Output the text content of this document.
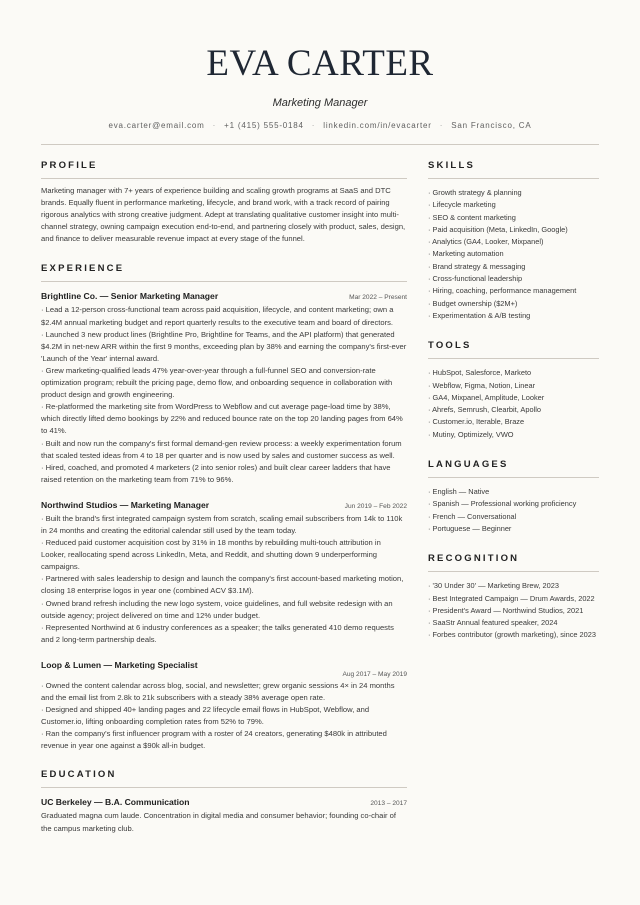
EVA CARTER
Marketing Manager
eva.carter@email.com · +1 (415) 555-0184 · linkedin.com/in/evacarter · San Francisco, CA
PROFILE

Marketing manager with 7+ years of experience building and scaling growth programs at SaaS and DTC brands. Equally fluent in performance marketing, lifecycle, and brand work, with a track record of pairing rigorous analytics with strong creative judgment. Adept at translating qualitative customer insight into multi-channel strategy, owning campaign execution end-to-end, and partnering closely with product, sales, design, and finance to deliver measurable revenue impact at every stage of the funnel.

EXPERIENCE
Brightline Co. — Senior Marketing Manager	Mar 2022 – Present
· Lead a 12-person cross-functional team across paid acquisition, lifecycle, and content marketing; own a $2.4M annual marketing budget and report quarterly results to the executive team and board of directors.
· Launched 3 new product lines (Brightline Pro, Brightline for Teams, and the API platform) that generated $4.2M in net-new ARR within the first 9 months, exceeding plan by 38% and earning the company's first-ever 'Launch of the Year' internal award.
· Grew marketing-qualified leads 47% year-over-year through a full-funnel SEO and conversion-rate optimization program; rebuilt the pricing page, demo flow, and onboarding sequence in collaboration with product design and growth engineering.
· Re-platformed the marketing site from WordPress to Webflow and cut average page-load time by 38%, which directly lifted demo bookings by 22% and reduced bounce rate on the top 20 landing pages from 64% to 41%.
· Built and now run the company's first formal demand-gen review process: a weekly experimentation forum that scaled tested ideas from 4 to 18 per quarter and is now used by sales and customer success as well.
· Hired, coached, and promoted 4 marketers (2 into senior roles) and built clear career ladders that have raised retention on the marketing team from 71% to 96%.
Northwind Studios — Marketing Manager	Jun 2019 – Feb 2022
· Built the brand's first integrated campaign system from scratch, scaling email subscribers from 14k to 110k in 24 months and creating the editorial calendar still used by the team today.
· Reduced paid customer acquisition cost by 31% in 18 months by rebuilding multi-touch attribution in Looker, reallocating spend across LinkedIn, Meta, and Reddit, and shutting down 9 underperforming campaigns.
· Partnered with sales leadership to design and launch the company's first account-based marketing motion, closing 18 enterprise logos in year one (combined ACV $3.1M).
· Owned brand refresh including the new logo system, voice guidelines, and full website redesign with an outside agency; project delivered on time and 12% under budget.
· Represented Northwind at 6 industry conferences as a speaker; the talks generated 410 demo requests and 2 long-term partnership deals.
Loop & Lumen — Marketing Specialist
Aug 2017 – May 2019
· Owned the content calendar across blog, social, and newsletter; grew organic sessions 4× in 24 months and the email list from 2.8k to 21k subscribers with a steady 38% average open rate.
· Designed and shipped 40+ landing pages and 22 lifecycle email flows in HubSpot, Webflow, and Customer.io, lifting onboarding completion rates from 52% to 79%.
· Ran the company's first influencer program with a roster of 24 creators, generating $480k in attributed revenue in year one against a $90k all-in budget.
EDUCATION
UC Berkeley — B.A. Communication	2013 – 2017

Graduated magna cum laude. Concentration in digital media and consumer behavior; founding co-chair of the campus marketing club.

SKILLS
· Growth strategy & planning
· Lifecycle marketing
· SEO & content marketing
· Paid acquisition (Meta, LinkedIn, Google)
· Analytics (GA4, Looker, Mixpanel)
· Marketing automation
· Brand strategy & messaging
· Cross-functional leadership
· Hiring, coaching, performance management
· Budget ownership ($2M+)
· Experimentation & A/B testing
TOOLS
· HubSpot, Salesforce, Marketo
· Webflow, Figma, Notion, Linear
· GA4, Mixpanel, Amplitude, Looker
· Ahrefs, Semrush, Clearbit, Apollo
· Customer.io, Iterable, Braze
· Mutiny, Optimizely, VWO
LANGUAGES
· English — Native
· Spanish — Professional working proficiency
· French — Conversational
· Portuguese — Beginner
RECOGNITION
· '30 Under 30' — Marketing Brew, 2023
· Best Integrated Campaign — Drum Awards, 2022
· President's Award — Northwind Studios, 2021
· SaaStr Annual featured speaker, 2024
· Forbes contributor (growth marketing), since 2023
